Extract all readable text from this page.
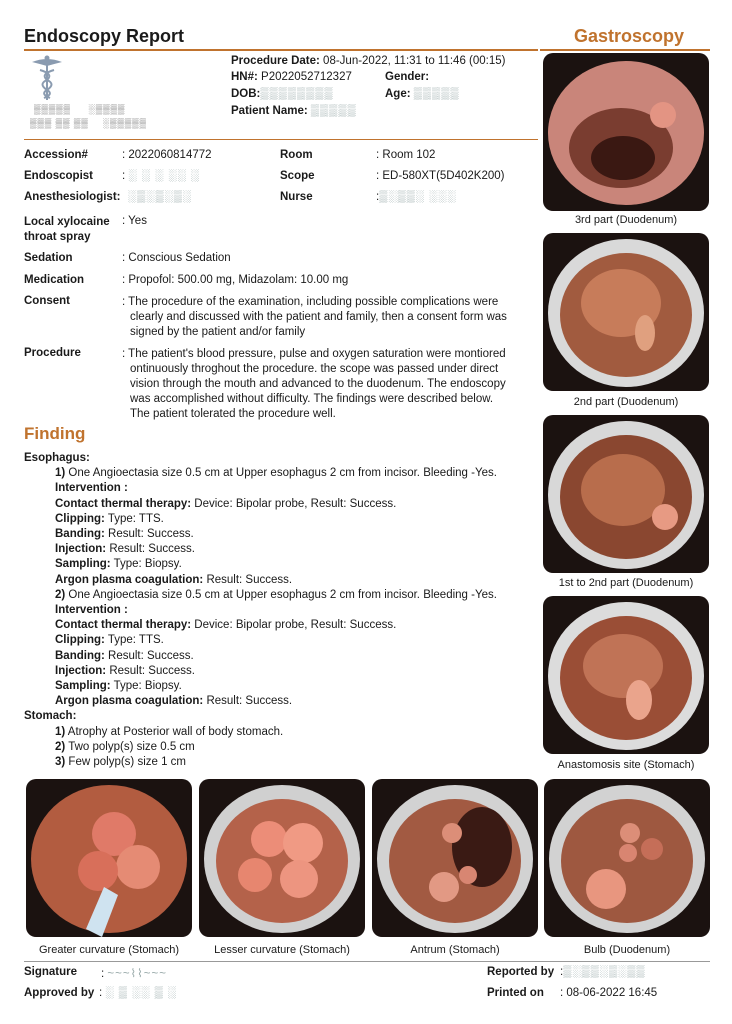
Endoscopy Report	Gastroscopy
▒▒▒▒▒     ░▒▒▒▒
▒▒▒ ▒▒ ▒▒    ░▒▒▒▒▒
Procedure Date: 08-Jun-2022, 11:31 to 11:46 (00:15)
HN#: P2022052712327	Gender:
DOB:▒▒▒▒▒▒▒▒	Age: ▒▒▒▒▒
Patient Name: ▒▒▒▒▒
Accession#	: 2022060814772	Room	: Room 102
Endoscopist	: ░ ░ ░ ░░ ░	Scope	: ED-580XT(5D402K200)
Anesthesiologist: ░▒░▒░▒░	Nurse	:▒░▒▒░ ░░░
Local xylocaine
throat spray
: Yes
Sedation	: Conscious Sedation
Medication	: Propofol: 500.00 mg, Midazolam: 10.00 mg
Consent	: The procedure of the examination, including possible complications were
clearly and discussed with the patient and family, then a consent form was
signed by the patient and/or family
Procedure	: The patient's blood pressure, pulse and oxygen saturation were montiored
ontinuously throghout the procedure. the scope was passed under direct
vision through the mouth and advanced to the duodenum. The endoscopy
was accomplished without difficulty. The findings were described below.
The patient tolerated the procedure well.
Finding
Esophagus:
1) One Angioectasia size 0.5 cm at Upper esophagus 2 cm from incisor. Bleeding -Yes.
Intervention :
Contact thermal therapy: Device: Bipolar probe, Result: Success.
Clipping: Type: TTS.
Banding: Result: Success.
Injection: Result: Success.
Sampling: Type: Biopsy.
Argon plasma coagulation: Result: Success.
2) One Angioectasia size 0.5 cm at Upper esophagus 2 cm from incisor. Bleeding -Yes.
Intervention :
Contact thermal therapy: Device: Bipolar probe, Result: Success.
Clipping: Type: TTS.
Banding: Result: Success.
Injection: Result: Success.
Sampling: Type: Biopsy.
Argon plasma coagulation: Result: Success.
Stomach:
1) Atrophy at Posterior wall of body stomach.
2) Two polyp(s) size 0.5 cm
3) Few polyp(s) size 1 cm
3rd part (Duodenum)
2nd part (Duodenum)
1st to 2nd part (Duodenum)
Anastomosis site (Stomach)
Greater curvature (Stomach)	Lesser curvature (Stomach)	Antrum (Stomach)	Bulb (Duodenum)
Signature : ~~~⌇⌇~~~
Approved by : ░ ▒ ░░ ▒ ░
Reported by :▒░▒▒░▒░▒▒
Printed on : 08-06-2022 16:45
